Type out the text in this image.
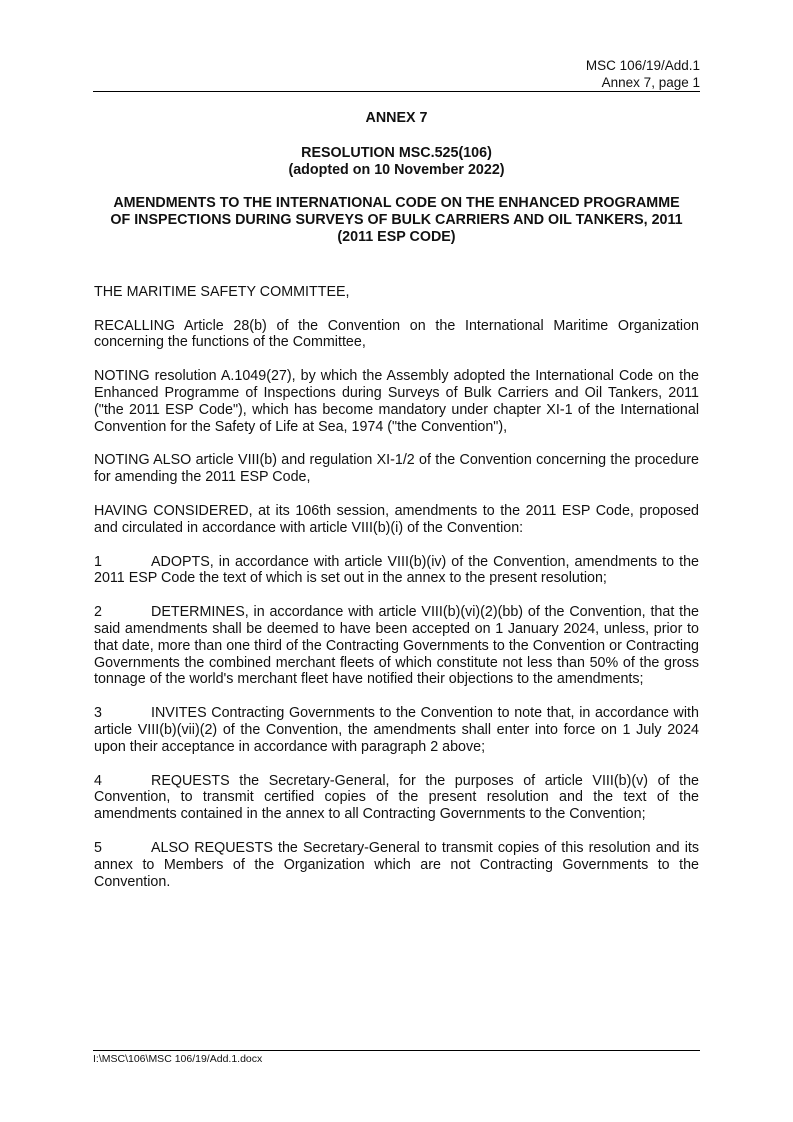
MSC 106/19/Add.1
Annex 7, page 1
ANNEX 7
RESOLUTION MSC.525(106)
(adopted on 10 November 2022)
AMENDMENTS TO THE INTERNATIONAL CODE ON THE ENHANCED PROGRAMME
OF INSPECTIONS DURING SURVEYS OF BULK CARRIERS AND OIL TANKERS, 2011
(2011 ESP CODE)

THE MARITIME SAFETY COMMITTEE,

RECALLING Article 28(b) of the Convention on the International Maritime Organization concerning the functions of the Committee,

NOTING resolution A.1049(27), by which the Assembly adopted the International Code on the Enhanced Programme of Inspections during Surveys of Bulk Carriers and Oil Tankers, 2011 ("the 2011 ESP Code"), which has become mandatory under chapter XI-1 of the International Convention for the Safety of Life at Sea, 1974 ("the Convention"),

NOTING ALSO article VIII(b) and regulation XI-1/2 of the Convention concerning the procedure for amending the 2011 ESP Code,

HAVING CONSIDERED, at its 106th session, amendments to the 2011 ESP Code, proposed and circulated in accordance with article VIII(b)(i) of the Convention:

1	ADOPTS, in accordance with article VIII(b)(iv) of the Convention, amendments to the 2011 ESP Code the text of which is set out in the annex to the present resolution;

2	DETERMINES, in accordance with article VIII(b)(vi)(2)(bb) of the Convention, that the said amendments shall be deemed to have been accepted on 1 January 2024, unless, prior to that date, more than one third of the Contracting Governments to the Convention or Contracting Governments the combined merchant fleets of which constitute not less than 50% of the gross tonnage of the world's merchant fleet have notified their objections to the amendments;

3	INVITES Contracting Governments to the Convention to note that, in accordance with article VIII(b)(vii)(2) of the Convention, the amendments shall enter into force on 1 July 2024 upon their acceptance in accordance with paragraph 2 above;

4	REQUESTS the Secretary-General, for the purposes of article VIII(b)(v) of the Convention, to transmit certified copies of the present resolution and the text of the amendments contained in the annex to all Contracting Governments to the Convention;

5	ALSO REQUESTS the Secretary-General to transmit copies of this resolution and its annex to Members of the Organization which are not Contracting Governments to the Convention.

I:\MSC\106\MSC 106/19/Add.1.docx
